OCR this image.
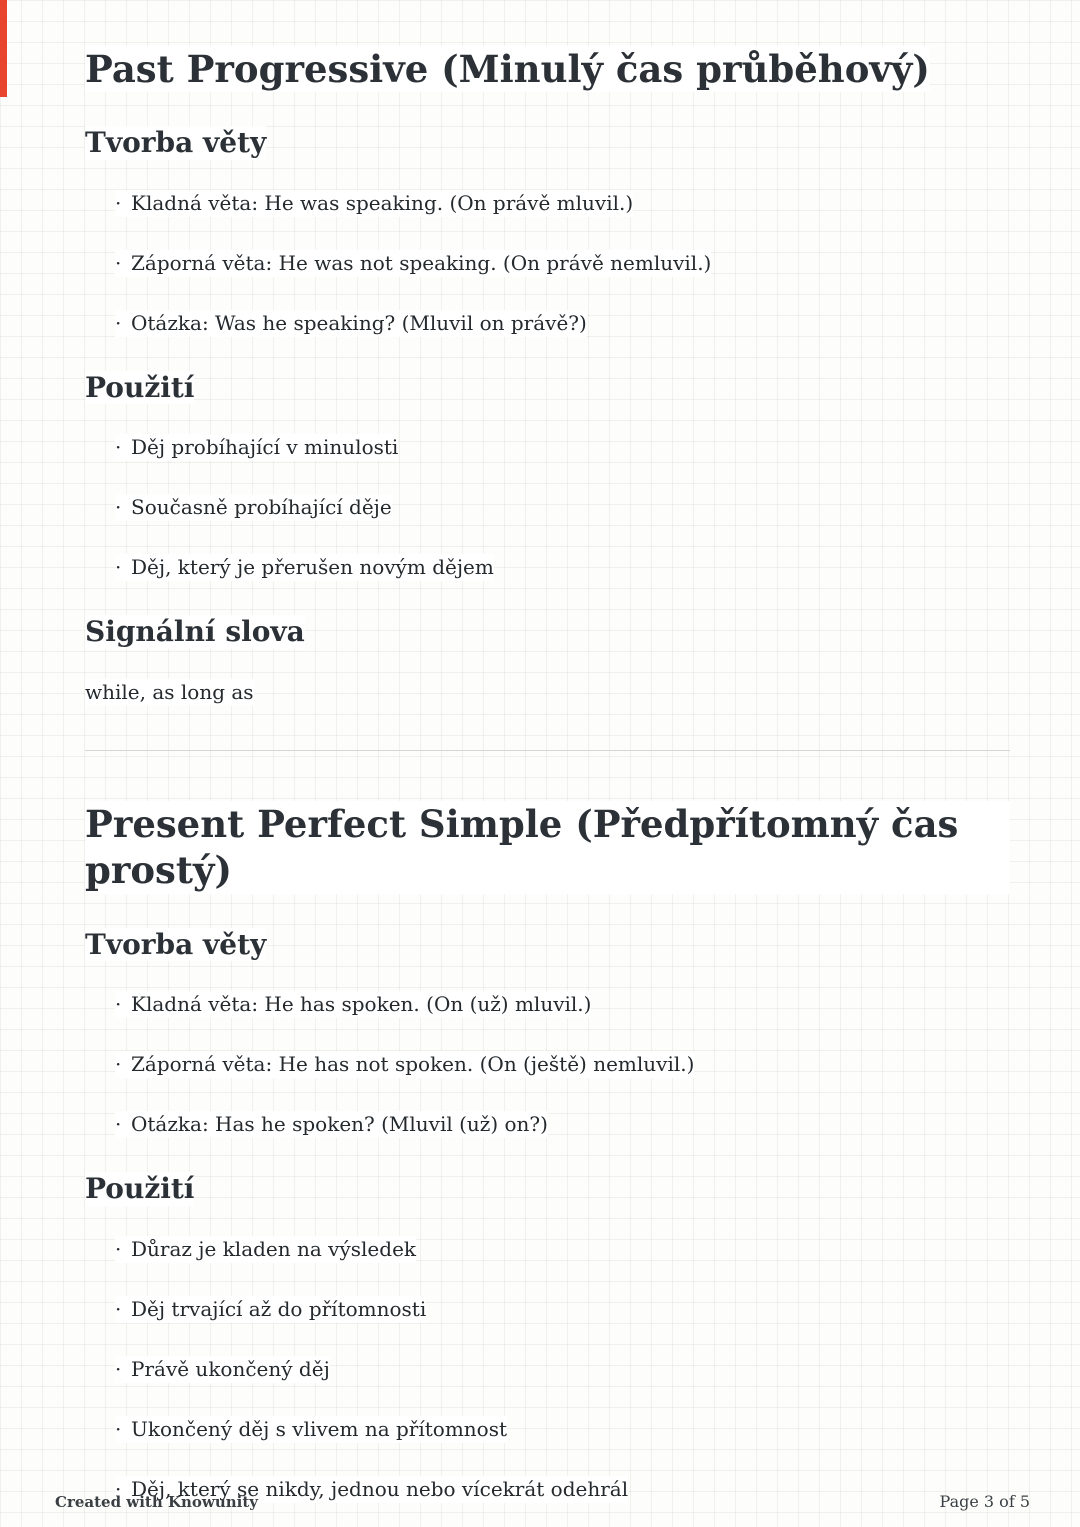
Past Progressive (Minulý čas průběhový)
Tvorba věty
· Kladná věta: He was speaking. (On právě mluvil.)
· Záporná věta: He was not speaking. (On právě nemluvil.)
· Otázka: Was he speaking? (Mluvil on právě?)
Použití
· Děj probíhající v minulosti
· Současně probíhající děje
· Děj, který je přerušen novým dějem
Signální slova

while, as long as

Present Perfect Simple (Předpřítomný čas prostý)
Tvorba věty
· Kladná věta: He has spoken. (On (už) mluvil.)
· Záporná věta: He has not spoken. (On (ještě) nemluvil.)
· Otázka: Has he spoken? (Mluvil (už) on?)
Použití
· Důraz je kladen na výsledek
· Děj trvající až do přítomnosti
· Právě ukončený děj
· Ukončený děj s vlivem na přítomnost
· Děj, který se nikdy, jednou nebo vícekrát odehrál
Created with Knowunity	Page 3 of 5
